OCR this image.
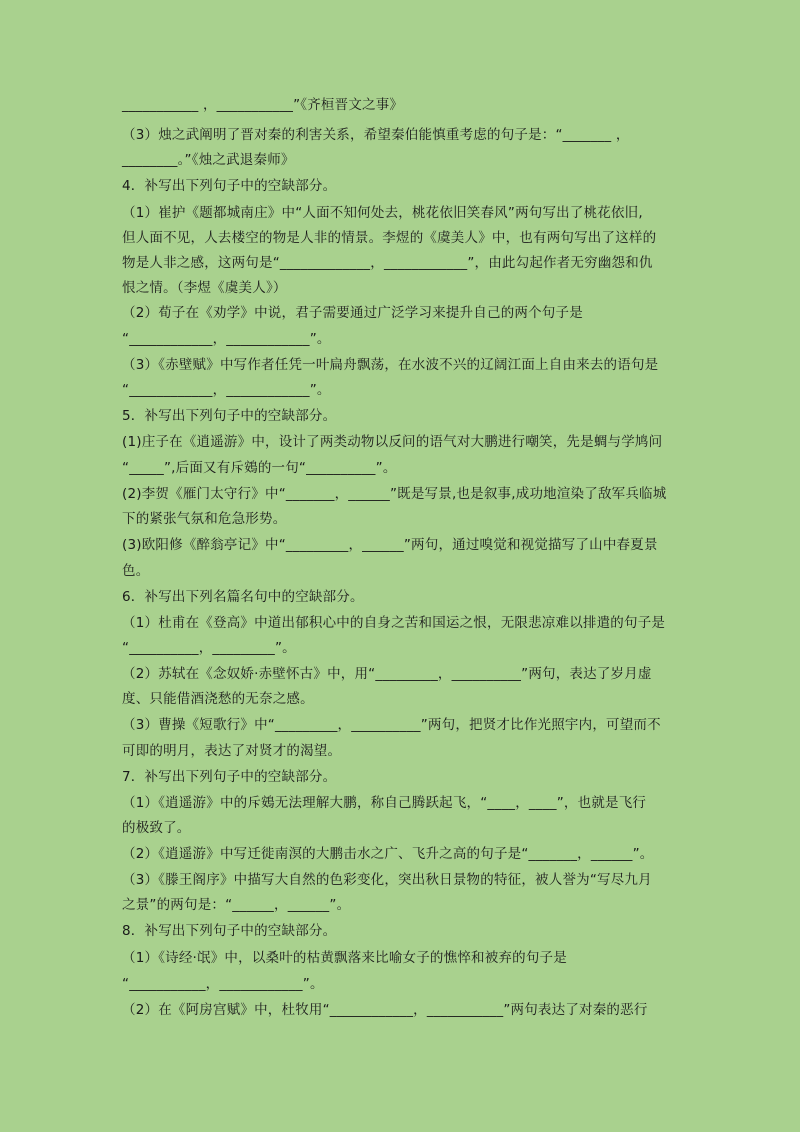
___________ ，___________”《齐桓晋文之事》
（3）烛之武阐明了晋对秦的利害关系，希望秦伯能慎重考虑的句子是：“_______ ，
________。”《烛之武退秦师》
4．补写出下列句子中的空缺部分。
（1）崔护《题都城南庄》中“人面不知何处去，桃花依旧笑春风”两句写出了桃花依旧,
但人面不见，人去楼空的物是人非的情景。李煜的《虞美人》中，也有两句写出了这样的
物是人非之感，这两句是“_____________，____________”，由此勾起作者无穷幽怨和仇
恨之情。（李煜《虞美人》）
（2）荀子在《劝学》中说，君子需要通过广泛学习来提升自己的两个句子是
“____________，____________”。
（3）《赤壁赋》中写作者任凭一叶扁舟飘荡，在水波不兴的辽阔江面上自由来去的语句是
“____________，____________”。
5．补写出下列句子中的空缺部分。
(1)庄子在《逍遥游》中，设计了两类动物以反问的语气对大鹏进行嘲笑，先是蜩与学鸠问
“_____”,后面又有斥鴳的一句“__________”。
(2)李贺《雁门太守行》中“_______，______”既是写景,也是叙事,成功地渲染了敌军兵临城
下的紧张气氛和危急形势。
(3)欧阳修《醉翁亭记》中“_________，______”两句，通过嗅觉和视觉描写了山中春夏景
色。
6．补写出下列名篇名句中的空缺部分。
（1）杜甫在《登高》中道出郁积心中的自身之苦和国运之恨，无限悲凉难以排遣的句子是
“__________，_________”。
（2）苏轼在《念奴娇·赤壁怀古》中，用“_________，__________”两句，表达了岁月虚
度、只能借酒浇愁的无奈之感。
（3）曹操《短歌行》中“_________，__________”两句，把贤才比作光照宇内，可望而不
可即的明月，表达了对贤才的渴望。
7．补写出下列句子中的空缺部分。
（1）《逍遥游》中的斥鴳无法理解大鹏，称自己腾跃起飞，“____，____”，也就是飞行
的极致了。
（2）《逍遥游》中写迁徙南溟的大鹏击水之广、飞升之高的句子是“_______，______”。
（3）《滕王阁序》中描写大自然的色彩变化，突出秋日景物的特征，被人誉为“写尽九月
之景”的两句是：“______，______”。
8．补写出下列句子中的空缺部分。
（1）《诗经·氓》中，以桑叶的枯黄飘落来比喻女子的憔悴和被弃的句子是
“___________，____________”。
（2）在《阿房宫赋》中，杜牧用“____________，___________”两句表达了对秦的恶行
